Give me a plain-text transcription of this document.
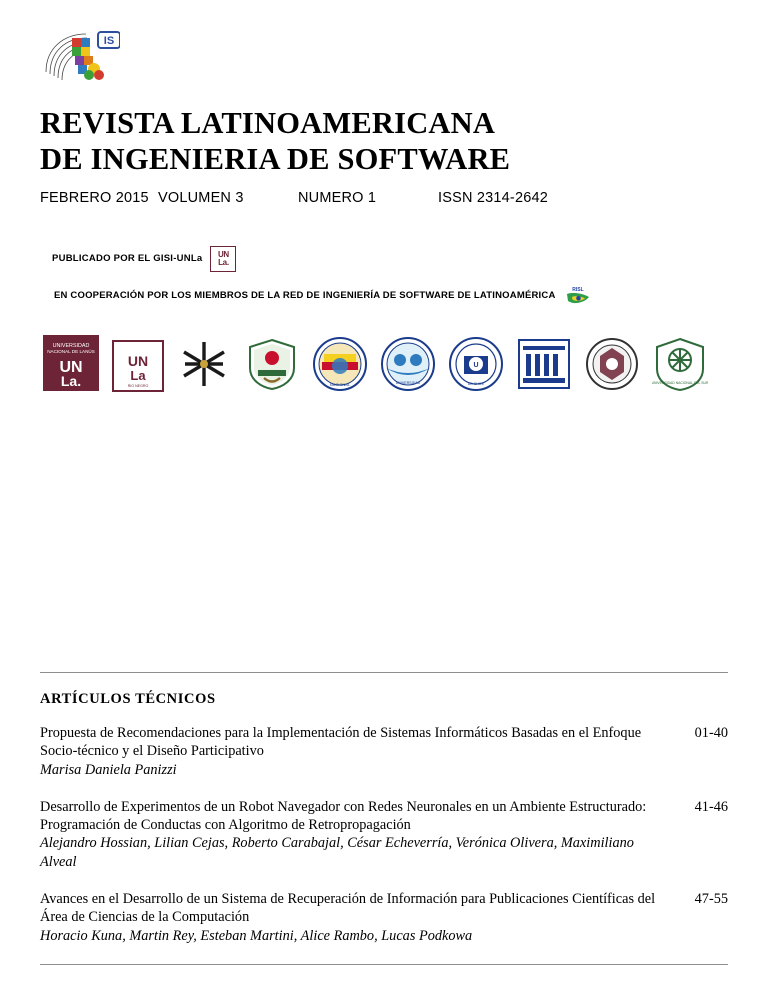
IS
REVISTA LATINOAMERICANA
DE INGENIERIA DE SOFTWARE
FEBRERO 2015 VOLUMEN 3	NUMERO 1	ISSN 2314-2642
PUBLICADO POR EL GISI-UNLa UN
La.
EN COOPERACIÓN POR LOS MIEMBROS DE LA RED DE INGENIERÍA DE SOFTWARE DE LATINOAMÉRICA
RISL
UNIVERSIDAD
NACIONAL DE LANÚS
UN
La.
UN
La
RIO NEGRO	NACIONAL	UNIVERSIDAD
U
DE CHILE	UNIVERSIDAD NACIONAL DEL SUR
ARTÍCULOS TÉCNICOS
Propuesta de Recomendaciones para la Implementación de Sistemas Informáticos Basadas en el Enfoque Socio-técnico y el Diseño Participativo
Marisa Daniela Panizzi
01-40
Desarrollo de Experimentos de un Robot Navegador con Redes Neuronales en un Ambiente Estructurado: Programación de Conductas con Algoritmo de Retropropagación
Alejandro Hossian, Lilian Cejas, Roberto Carabajal, César Echeverría, Verónica Olivera, Maximiliano Alveal
41-46
Avances en el Desarrollo de un Sistema de Recuperación de Información para Publicaciones Científicas del Área de Ciencias de la Computación
Horacio Kuna, Martin Rey, Esteban Martini, Alice Rambo, Lucas Podkowa
47-55
